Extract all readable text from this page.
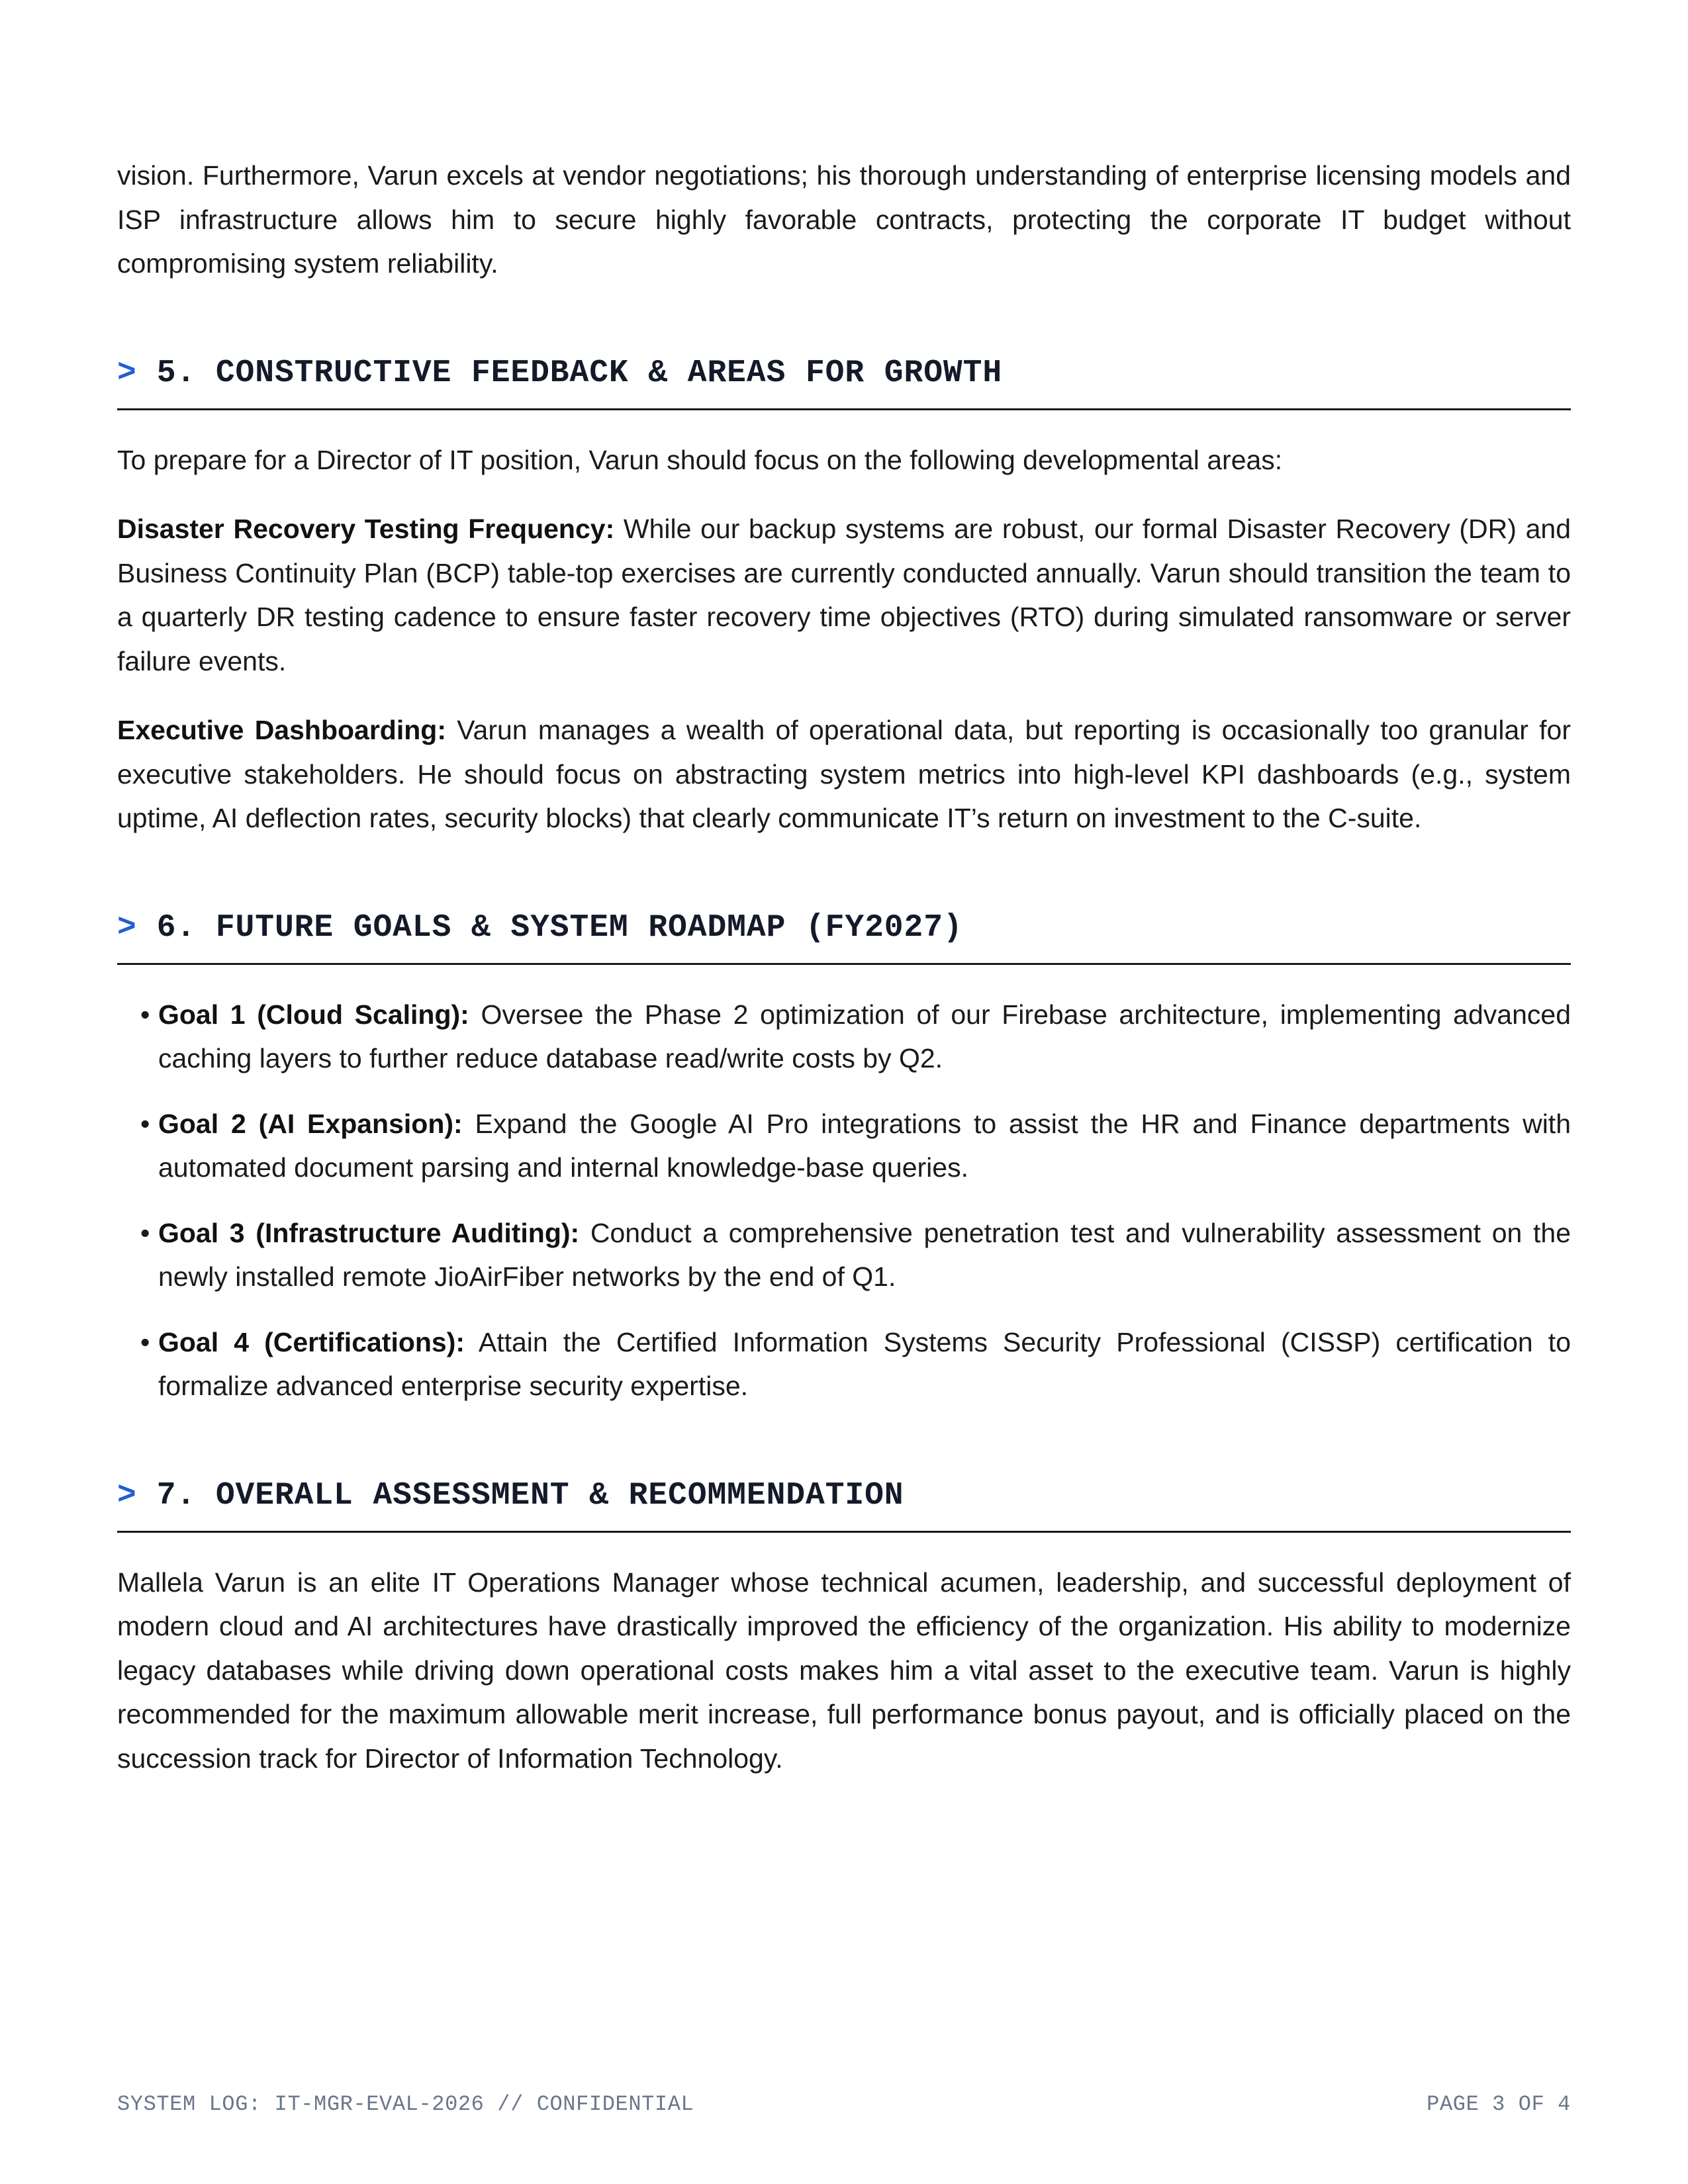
vision. Furthermore, Varun excels at vendor negotiations; his thorough understanding of enterprise licensing models and ISP infrastructure allows him to secure highly favorable contracts, protecting the corporate IT budget without compromising system reliability.

> 5. CONSTRUCTIVE FEEDBACK & AREAS FOR GROWTH

To prepare for a Director of IT position, Varun should focus on the following developmental areas:

Disaster Recovery Testing Frequency: While our backup systems are robust, our formal Disaster Recovery (DR) and Business Continuity Plan (BCP) table-top exercises are currently conducted annually. Varun should transition the team to a quarterly DR testing cadence to ensure faster recovery time objectives (RTO) during simulated ransomware or server failure events.

Executive Dashboarding: Varun manages a wealth of operational data, but reporting is occasionally too granular for executive stakeholders. He should focus on abstracting system metrics into high-level KPI dashboards (e.g., system uptime, AI deflection rates, security blocks) that clearly communicate IT’s return on investment to the C-suite.

> 6. FUTURE GOALS & SYSTEM ROADMAP (FY2027)
• Goal 1 (Cloud Scaling): Oversee the Phase 2 optimization of our Firebase architecture, implementing advanced caching layers to further reduce database read/write costs by Q2.
• Goal 2 (AI Expansion): Expand the Google AI Pro integrations to assist the HR and Finance departments with automated document parsing and internal knowledge-base queries.
• Goal 3 (Infrastructure Auditing): Conduct a comprehensive penetration test and vulnerability assessment on the newly installed remote JioAirFiber networks by the end of Q1.
• Goal 4 (Certifications): Attain the Certified Information Systems Security Professional (CISSP) certification to formalize advanced enterprise security expertise.
> 7. OVERALL ASSESSMENT & RECOMMENDATION

Mallela Varun is an elite IT Operations Manager whose technical acumen, leadership, and successful deployment of modern cloud and AI architectures have drastically improved the efficiency of the organization. His ability to modernize legacy databases while driving down operational costs makes him a vital asset to the executive team. Varun is highly recommended for the maximum allowable merit increase, full performance bonus payout, and is officially placed on the succession track for Director of Information Technology.

SYSTEM LOG: IT-MGR-EVAL-2026 // CONFIDENTIAL	PAGE 3 OF 4
